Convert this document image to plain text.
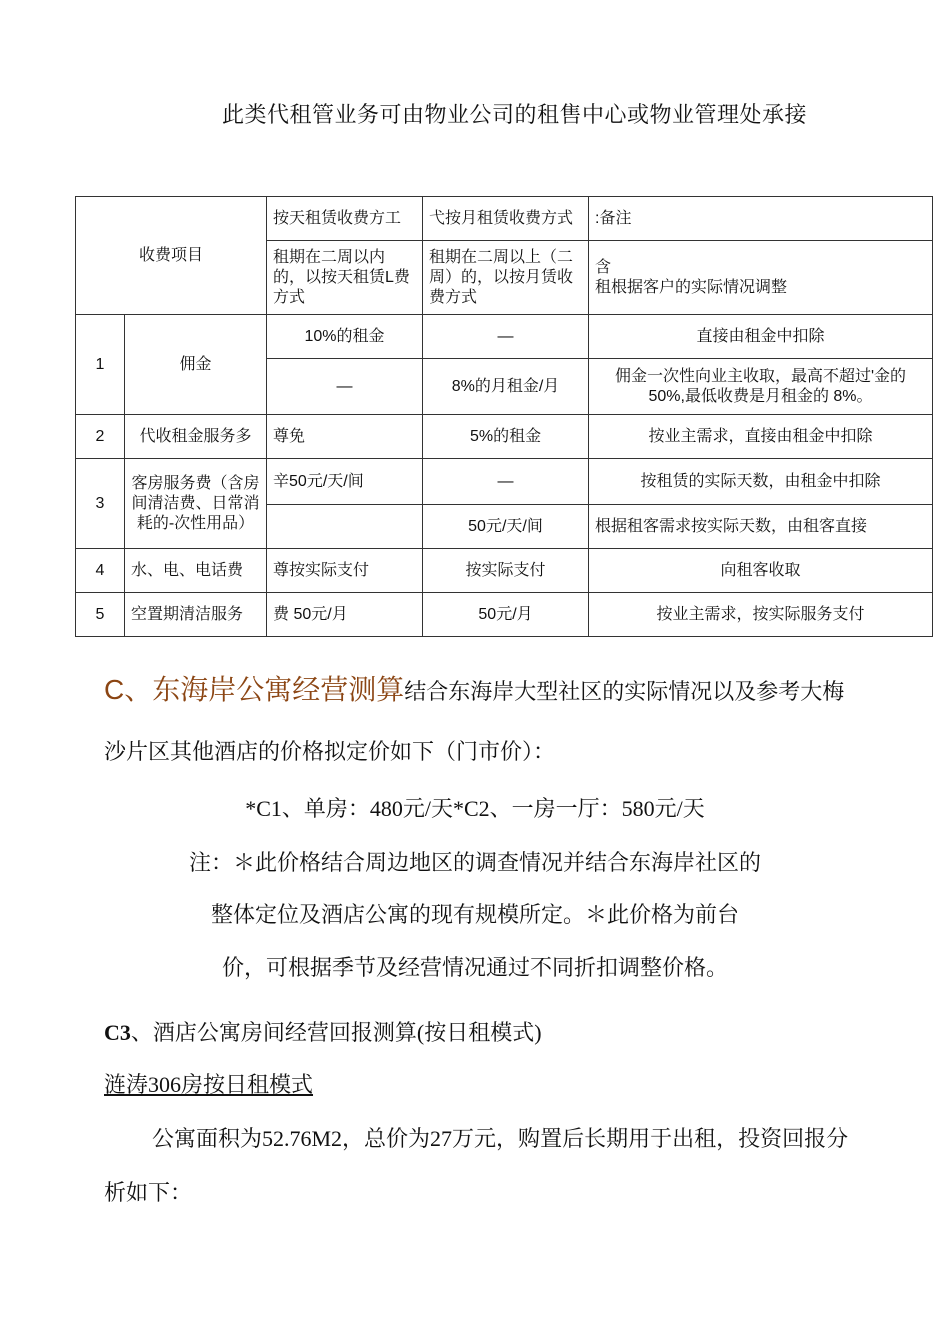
此类代租管业务可由物业公司的租售中心或物业管理处承接
收费项目		按天租赁收费方工	弋按月租赁收费方式	:备注
		租期在二周以内的，以按天租赁L费方式	租期在二周以上（二周）的，以按月赁收费方式	含
租根据客户的实际情况调整
1	佣金	10%的租金	—	直接由租金中扣除
		—	8%的月租金/月	佣金一次性向业主收取，最高不超过'金的 50%,最低收费是月租金的 8%。
2	代收租金服务多	尊免	5%的租金	按业主需求，直接由租金中扣除
3	客房服务费（含房间清洁费、日常消耗的-次性用品）	辛50元/天/间	—	按租赁的实际天数，由租金中扣除
			50元/天/间	根据租客需求按实际天数，由租客直接
4	水、电、电话费	尊按实际支付	按实际支付	向租客收取
5	空置期清洁服务	费 50元/月	50元/月	按业主需求，按实际服务支付
C、东海岸公寓经营测算结合东海岸大型社区的实际情况以及参考大梅
沙片区其他酒店的价格拟定价如下（门市价）：
*C1、单房：480元/天*C2、一房一厅：580元/天
注：＊此价格结合周边地区的调查情况并结合东海岸社区的
整体定位及酒店公寓的现有规模所定。＊此价格为前台
价，可根据季节及经营情况通过不同折扣调整价格。
C3、酒店公寓房间经营回报测算(按日租模式)
涟涛306房按日租模式
公寓面积为52.76M2，总价为27万元，购置后长期用于出租，投资回报分
析如下：
